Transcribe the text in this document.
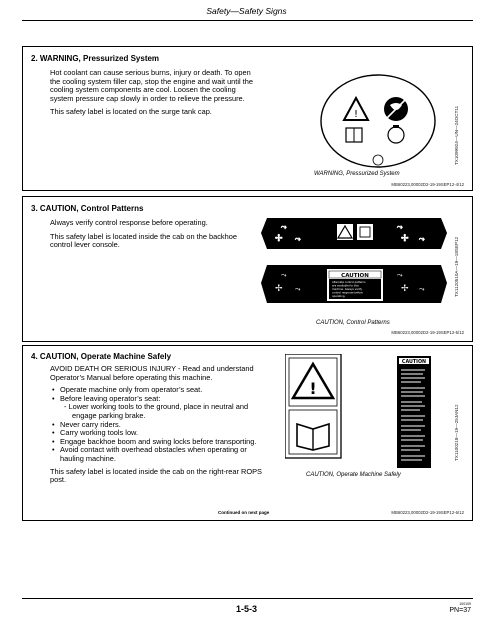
Safety—Safety Signs
2. WARNING, Pressurized System

Hot coolant can cause serious burns, injury or death. To open the cooling system filler cap, stop the engine and wait until the cooling system components are cool. Loosen the cooling system pressure cap slowly in order to relieve the pressure.

This safety label is located on the surge tank cap.	!	TX1099924—UN—24OCT11
WARNING, Pressurized System
MB60223,00002D2-19-19SEP12-4/12
3. CAUTION, Control Patterns

Always verify control response before operating.

This safety label is located inside the cab on the backhoe control lever console.

⤳
✢ ⤳
⤳
✢ ⤳
⤳
✢ ⤳
⤳
✢ ⤳
CAUTION
Alternate control patterns are available for this machine. Always verify control response before operating.	TX1120510A—19—18SEP12
CAUTION, Control Patterns
MB60223,00002D2-19-19SEP12-5/12
4. CAUTION, Operate Machine Safely

AVOID DEATH OR SERIOUS INJURY - Read and understand Operator’s Manual before operating this machine.

• Operate machine only from operator’s seat.
• Before leaving operator’s seat:
- Lower working tools to the ground, place in neutral and engage parking brake.
• Never carry riders.
• Carry working tools low.
• Engage backhoe boom and swing locks before transporting.
• Avoid contact with overhead obstacles when operating or hauling machine.

This safety label is located inside the cab on the right-rear ROPS post.

!
CAUTION
TX1100218—19—25JAN12
CAUTION, Operate Machine Safely
Continued on next page	MB60223,00002D2-19-19SEP12-6/12
100109
1-5-3	PN=37
